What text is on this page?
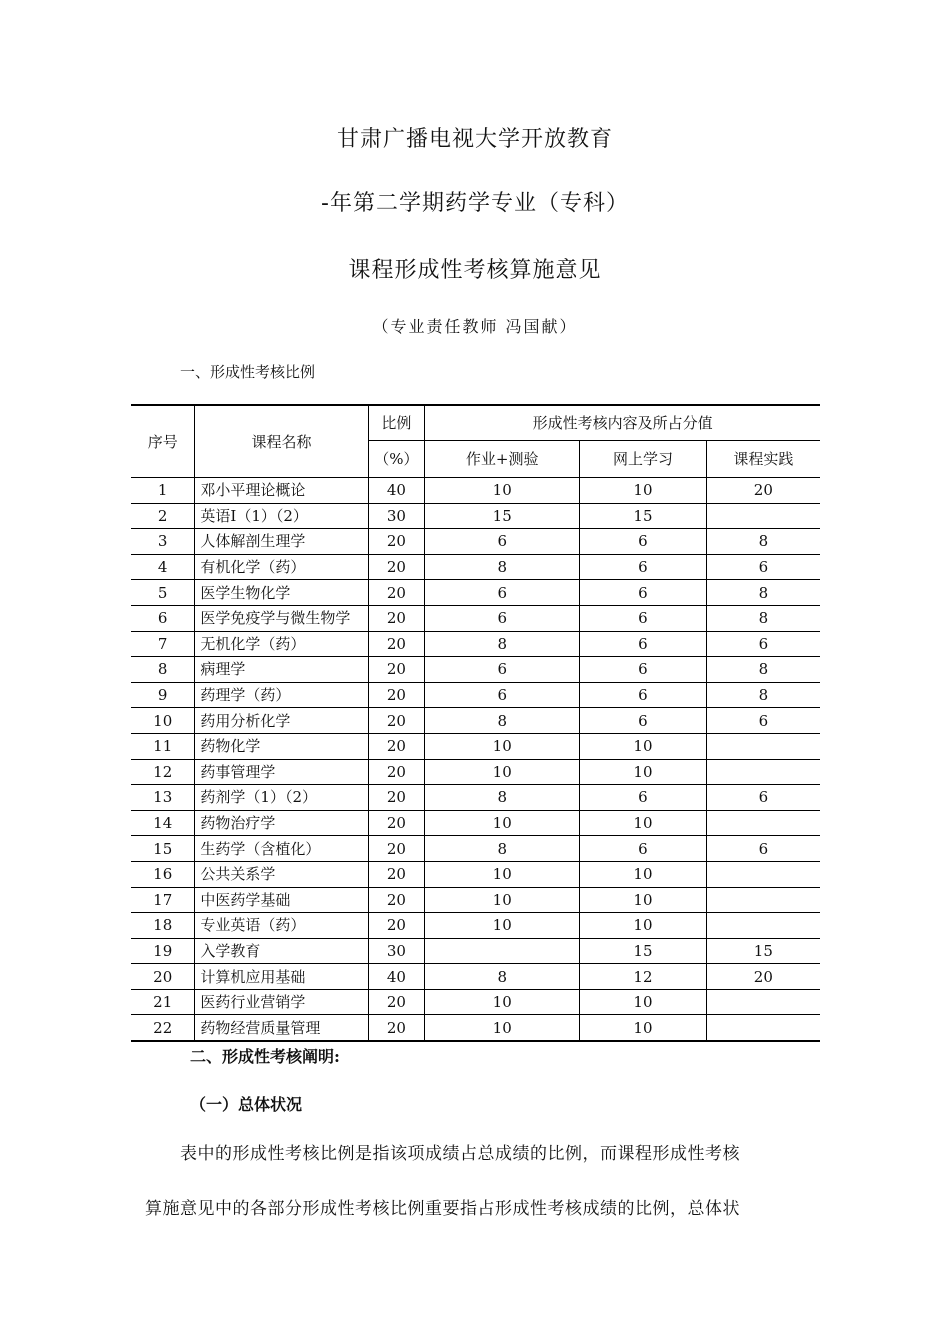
甘肃广播电视大学开放教育
-年第二学期药学专业（专科）
课程形成性考核算施意见
（专业责任教师 冯国献）
一、形成性考核比例
序号	课程名称	比例	形成性考核内容及所占分值		
		（%）	作业+测验	网上学习	课程实践
1	邓小平理论概论	40	10	10	20
2	英语Ⅰ（1）（2）	30	15	15	
3	人体解剖生理学	20	6	6	8
4	有机化学（药）	20	8	6	6
5	医学生物化学	20	6	6	8
6	医学免疫学与微生物学	20	6	6	8
7	无机化学（药）	20	8	6	6
8	病理学	20	6	6	8
9	药理学（药）	20	6	6	8
10	药用分析化学	20	8	6	6
11	药物化学	20	10	10	
12	药事管理学	20	10	10	
13	药剂学（1）（2）	20	8	6	6
14	药物治疗学	20	10	10	
15	生药学（含植化）	20	8	6	6
16	公共关系学	20	10	10	
17	中医药学基础	20	10	10	
18	专业英语（药）	20	10	10	
19	入学教育	30		15	15
20	计算机应用基础	40	8	12	20
21	医药行业营销学	20	10	10	
22	药物经营质量管理	20	10	10	
二、形成性考核阐明:
（一）总体状况
表中的形成性考核比例是指该项成绩占总成绩的比例，而课程形成性考核
算施意见中的各部分形成性考核比例重要指占形成性考核成绩的比例，总体状
